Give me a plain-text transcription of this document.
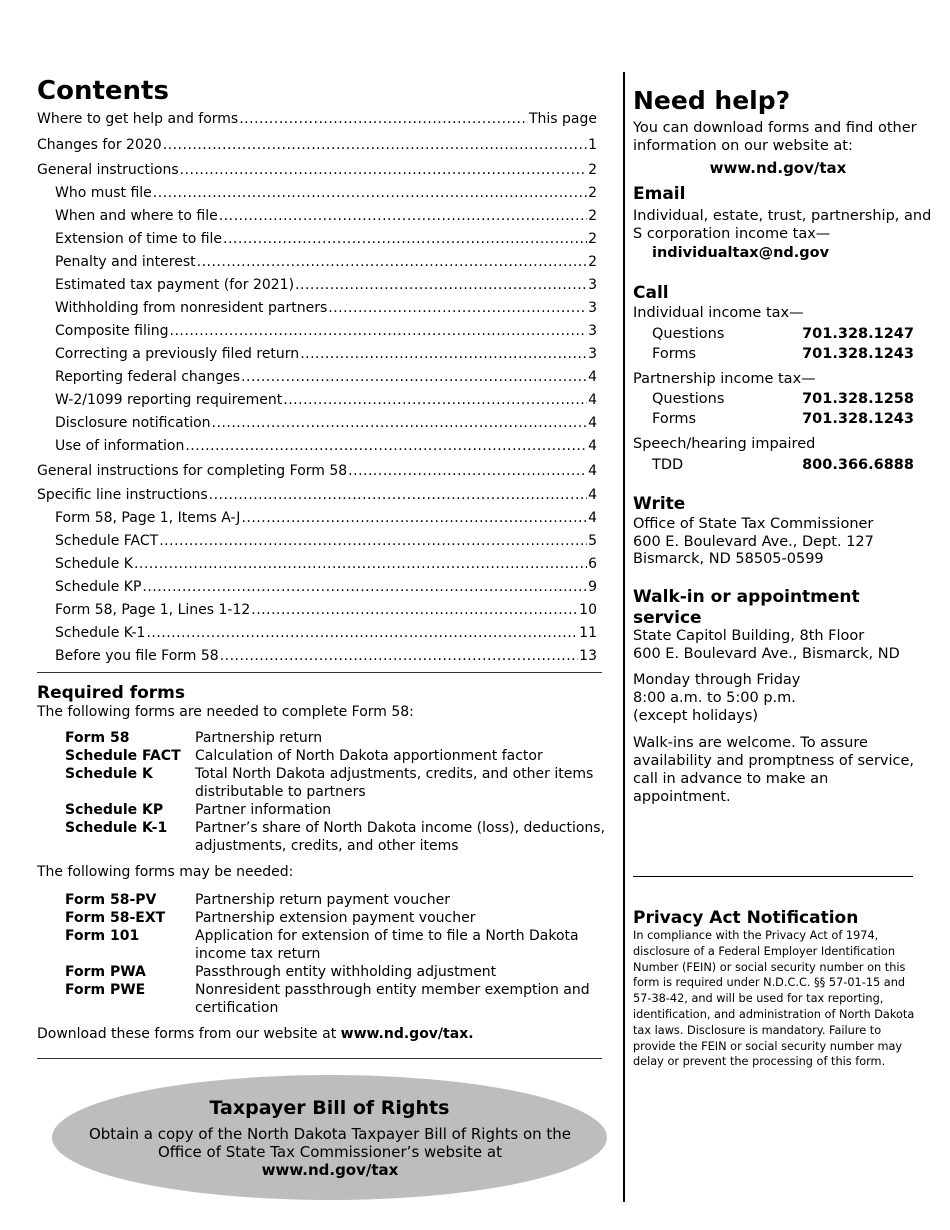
Contents
Where to get help and forms .....	This page
Changes for 2020 .....	1
General instructions .....	2
Who must file .....	2
When and where to file .....	2
Extension of time to file .....	2
Penalty and interest .....	2
Estimated tax payment (for 2021) .....	3
Withholding from nonresident partners .....	3
Composite filing .....	3
Correcting a previously filed return .....	3
Reporting federal changes .....	4
W-2/1099 reporting requirement .....	4
Disclosure notification .....	4
Use of information .....	4
General instructions for completing Form 58 .....	4
Specific line instructions .....	4
Form 58, Page 1, Items A-J .....	4
Schedule FACT .....	5
Schedule K .....	6
Schedule KP .....	9
Form 58, Page 1, Lines 1-12 .....	10
Schedule K-1 .....	11
Before you file Form 58 .....	13
Required forms
The following forms are needed to complete Form 58:
Form 58	Partnership return
Schedule FACT	Calculation of North Dakota apportionment factor
Schedule K	Total North Dakota adjustments, credits, and other items distributable to partners
Schedule KP	Partner information
Schedule K-1	Partner’s share of North Dakota income (loss), deductions, adjustments, credits, and other items
The following forms may be needed:
Form 58-PV	Partnership return payment voucher
Form 58-EXT	Partnership extension payment voucher
Form 101	Application for extension of time to file a North Dakota income tax return
Form PWA	Passthrough entity withholding adjustment
Form PWE	Nonresident passthrough entity member exemption and certification
Download these forms from our website at www.nd.gov/tax.
Taxpayer Bill of Rights
Obtain a copy of the North Dakota Taxpayer Bill of Rights on the Office of State Tax Commissioner’s website at
www.nd.gov/tax
Need help?
You can download forms and find other information on our website at:
www.nd.gov/tax
Email
Individual, estate, trust, partnership, and S corporation income tax—
individualtax@nd.gov
Call
Individual income tax—
Questions	701.328.1247
Forms	701.328.1243
Partnership income tax—
Questions	701.328.1258
Forms	701.328.1243
Speech/hearing impaired
TDD	800.366.6888
Write
Office of State Tax Commissioner
600 E. Boulevard Ave., Dept. 127
Bismarck, ND 58505-0599
Walk-in or appointment service
State Capitol Building, 8th Floor
600 E. Boulevard Ave., Bismarck, ND
Monday through Friday
8:00 a.m. to 5:00 p.m.
(except holidays)
Walk-ins are welcome. To assure availability and promptness of service, call in advance to make an appointment.
Privacy Act Notification
In compliance with the Privacy Act of 1974, disclosure of a Federal Employer Identification Number (FEIN) or social security number on this form is required under N.D.C.C. §§ 57-01-15 and 57-38-42, and will be used for tax reporting, identification, and administration of North Dakota tax laws. Disclosure is mandatory. Failure to provide the FEIN or social security number may delay or prevent the processing of this form.
